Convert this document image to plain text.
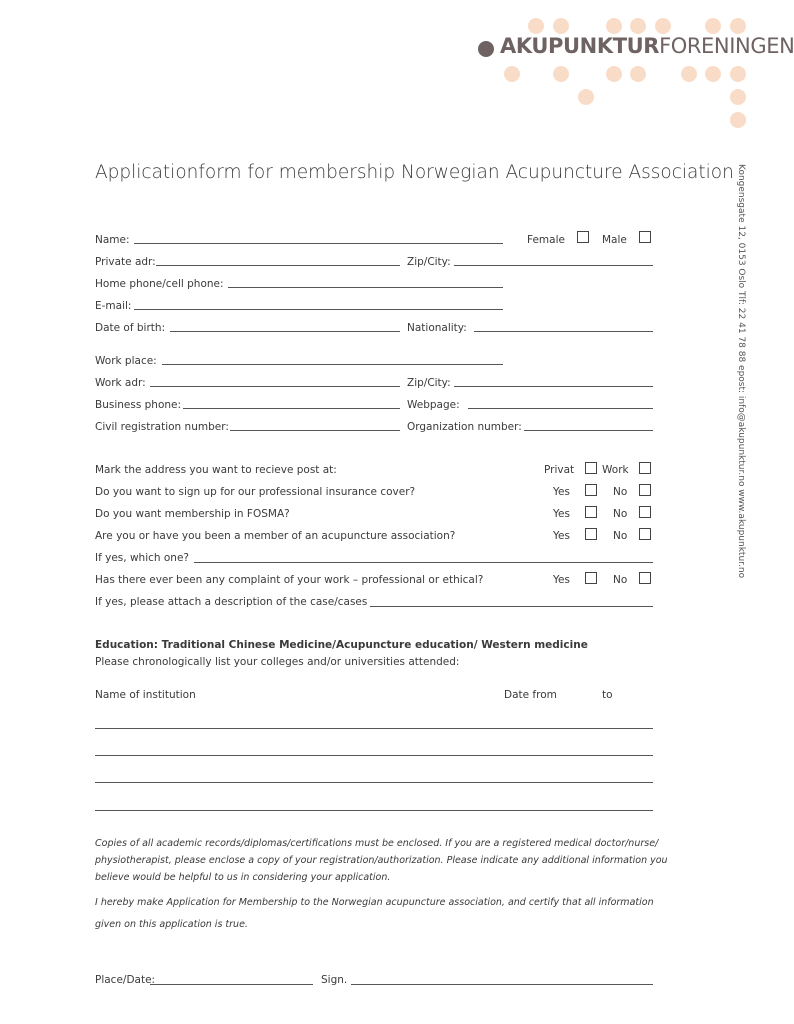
AKUPUNKTURFORENINGEN
Kongensgate 12, 0153 Oslo Tlf: 22 41 78 88 epost: info@akupunktur.no www.akupunktur.no
Applicationform for membership Norwegian Acupuncture Association
Name:	Female	Male
Private adr:	Zip/City:
Home phone/cell phone:
E-mail:
Date of birth:	Nationality:
Work place:
Work adr:	Zip/City:
Business phone:	Webpage:
Civil registration number:	Organization number:
Mark the address you want to recieve post at:	Privat	Work
Do you want to sign up for our professional insurance cover?	Yes	No
Do you want membership in FOSMA?	Yes	No
Are you or have you been a member of an acupuncture association?	Yes	No
If yes, which one?
Has there ever been any complaint of your work – professional or ethical?	Yes	No
If yes, please attach a description of the case/cases
Education: Traditional Chinese Medicine/Acupuncture education/ Western medicine
Please chronologically list your colleges and/or universities attended:
Name of institution	Date from	to
Copies of all academic records/diplomas/certifications must be enclosed. If you are a registered medical doctor/nurse/
physiotherapist, please enclose a copy of your registration/authorization. Please indicate any additional information you
believe would be helpful to us in considering your application.
I hereby make Application for Membership to the Norwegian acupuncture association, and certify that all information
given on this application is true.
Place/Date:	Sign.
